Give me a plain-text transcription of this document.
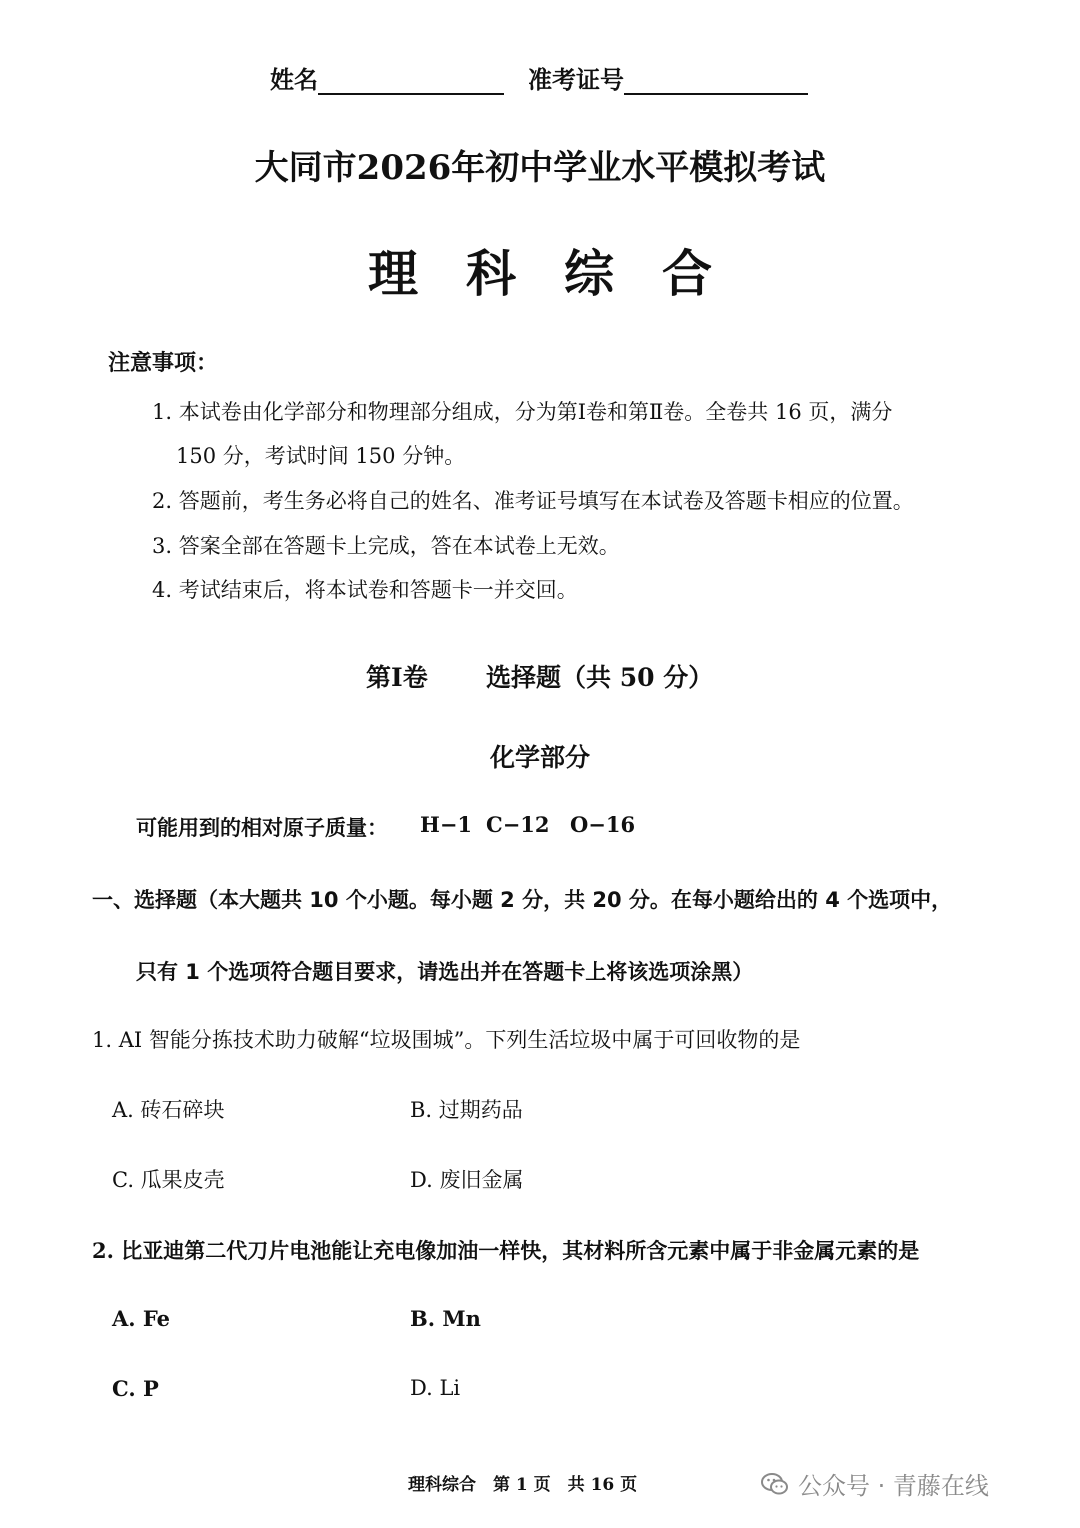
姓名	准考证号
大同市2026年初中学业水平模拟考试
理科综合
注意事项：
1. 本试卷由化学部分和物理部分组成，分为第Ⅰ卷和第Ⅱ卷。全卷共 16 页，满分
150 分，考试时间 150 分钟。
2. 答题前，考生务必将自己的姓名、准考证号填写在本试卷及答题卡相应的位置。
3. 答案全部在答题卡上完成，答在本试卷上无效。
4. 考试结束后，将本试卷和答题卡一并交回。
第Ⅰ卷 选择题（共 50 分）
化学部分
可能用到的相对原子质量： H−1 C−12 O−16
一、选择题（本大题共 10 个小题。每小题 2 分，共 20 分。在每小题给出的 4 个选项中，
只有 1 个选项符合题目要求，请选出并在答题卡上将该选项涂黑）
1. AI 智能分拣技术助力破解“垃圾围城”。下列生活垃圾中属于可回收物的是
A. 砖石碎块	B. 过期药品
C. 瓜果皮壳	D. 废旧金属
2. 比亚迪第二代刀片电池能让充电像加油一样快，其材料所含元素中属于非金属元素的是
A. Fe	B. Mn
C. P	D. Li
理科综合　第 1 页　共 16 页	公众号 · 青藤在线
